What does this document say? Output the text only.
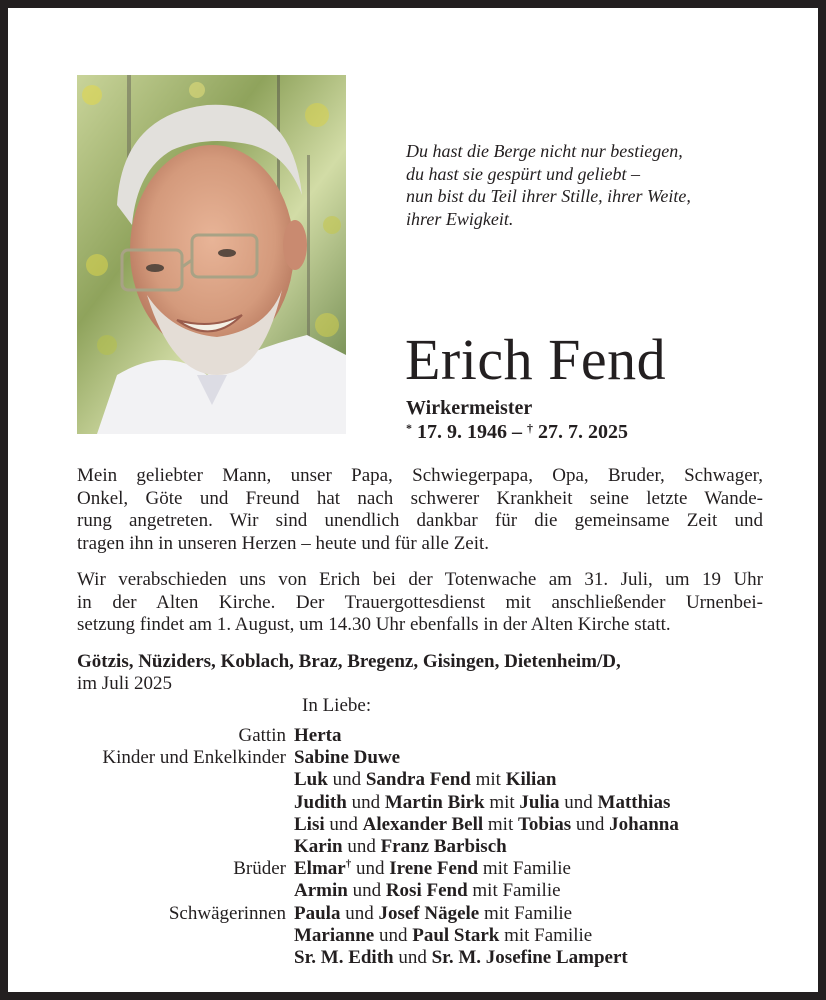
Du hast die Berge nicht nur bestiegen,
du hast sie gespürt und geliebt –
nun bist du Teil ihrer Stille, ihrer Weite,
ihrer Ewigkeit.
Erich Fend
Wirkermeister
* 17. 9. 1946 – † 27. 7. 2025
Mein geliebter Mann, unser Papa, Schwiegerpapa, Opa, Bruder, Schwager,
Onkel, Göte und Freund hat nach schwerer Krankheit seine letzte Wande-
rung angetreten. Wir sind unendlich dankbar für die gemeinsame Zeit und
tragen ihn in unseren Herzen – heute und für alle Zeit.
Wir verabschieden uns von Erich bei der Totenwache am 31. Juli, um 19 Uhr
in der Alten Kirche. Der Trauergottesdienst mit anschließender Urnenbei-
setzung findet am 1. August, um 14.30 Uhr ebenfalls in der Alten Kirche statt.
Götzis, Nüziders, Koblach, Braz, Bregenz, Gisingen, Dietenheim/D,
im Juli 2025
In Liebe:
Gattin Herta
Kinder und Enkelkinder Sabine Duwe
Luk und Sandra Fend mit Kilian
Judith und Martin Birk mit Julia und Matthias
Lisi und Alexander Bell mit Tobias und Johanna
Karin und Franz Barbisch
Brüder Elmar† und Irene Fend mit Familie
Armin und Rosi Fend mit Familie
Schwägerinnen Paula und Josef Nägele mit Familie
Marianne und Paul Stark mit Familie
Sr. M. Edith und Sr. M. Josefine Lampert
